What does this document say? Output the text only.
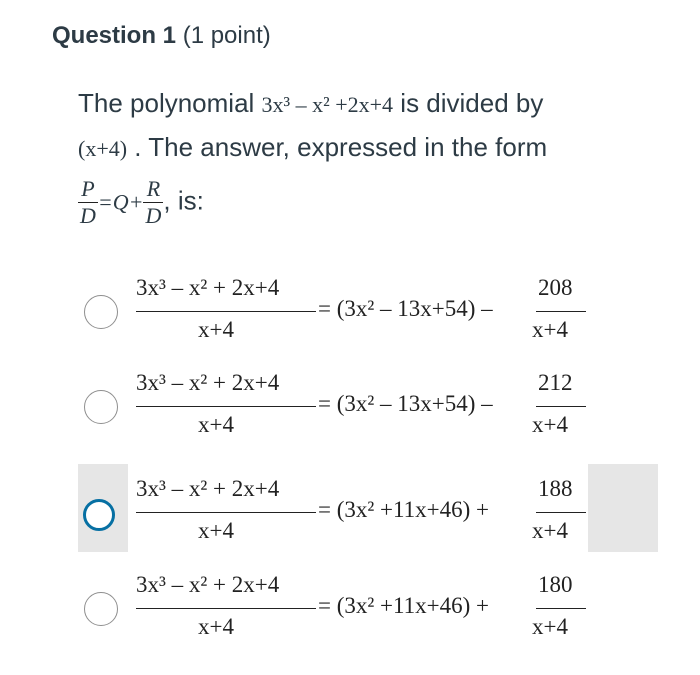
Question 1 (1 point)
The polynomial 3x³ – x² +2x+4 is divided by
(x+4) . The answer, expressed in the form
$\frac{P}{D} =Q+ \frac{R}{D}$ , is:
3x³ – x² + 2x+4
x+4
= (3x² – 13x+54) –
208
x+4
3x³ – x² + 2x+4
x+4
= (3x² – 13x+54) –
212
x+4
3x³ – x² + 2x+4
x+4
= (3x² +11x+46) +
188
x+4
3x³ – x² + 2x+4
x+4
= (3x² +11x+46) +
180
x+4
